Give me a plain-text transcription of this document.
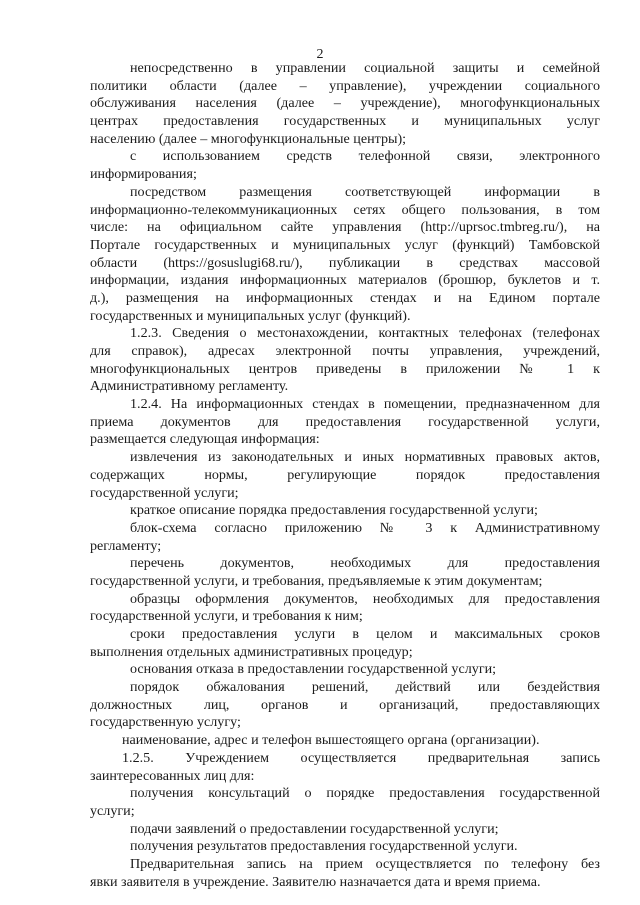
2
непосредственно в управлении социальной защиты и семейной
политики области (далее – управление), учреждении социального
обслуживания населения (далее – учреждение), многофункциональных
центрах предоставления государственных и муниципальных услуг
населению (далее – многофункциональные центры);
с использованием средств телефонной связи, электронного
информирования;
посредством размещения соответствующей информации в
информационно-телекоммуникационных сетях общего пользования, в том
числе: на официальном сайте управления (http://uprsoc.tmbreg.ru/), на
Портале государственных и муниципальных услуг (функций) Тамбовской
области (https://gosuslugi68.ru/), публикации в средствах массовой
информации, издания информационных материалов (брошюр, буклетов и т.
д.), размещения на информационных стендах и на Едином портале
государственных и муниципальных услуг (функций).
1.2.3. Сведения о местонахождении, контактных телефонах (телефонах
для справок), адресах электронной почты управления, учреждений,
многофункциональных центров приведены в приложении № 1 к
Административному регламенту.
1.2.4. На информационных стендах в помещении, предназначенном для
приема документов для предоставления государственной услуги,
размещается следующая информация:
извлечения из законодательных и иных нормативных правовых актов,
содержащих нормы, регулирующие порядок предоставления
государственной услуги;
краткое описание порядка предоставления государственной услуги;
блок-схема согласно приложению № 3 к Административному
регламенту;
перечень документов, необходимых для предоставления
государственной услуги, и требования, предъявляемые к этим документам;
образцы оформления документов, необходимых для предоставления
государственной услуги, и требования к ним;
сроки предоставления услуги в целом и максимальных сроков
выполнения отдельных административных процедур;
основания отказа в предоставлении государственной услуги;
порядок обжалования решений, действий или бездействия
должностных лиц, органов и организаций, предоставляющих
государственную услугу;
наименование, адрес и телефон вышестоящего органа (организации).
1.2.5. Учреждением осуществляется предварительная запись
заинтересованных лиц для:
получения консультаций о порядке предоставления государственной
услуги;
подачи заявлений о предоставлении государственной услуги;
получения результатов предоставления государственной услуги.
Предварительная запись на прием осуществляется по телефону без
явки заявителя в учреждение. Заявителю назначается дата и время приема.
